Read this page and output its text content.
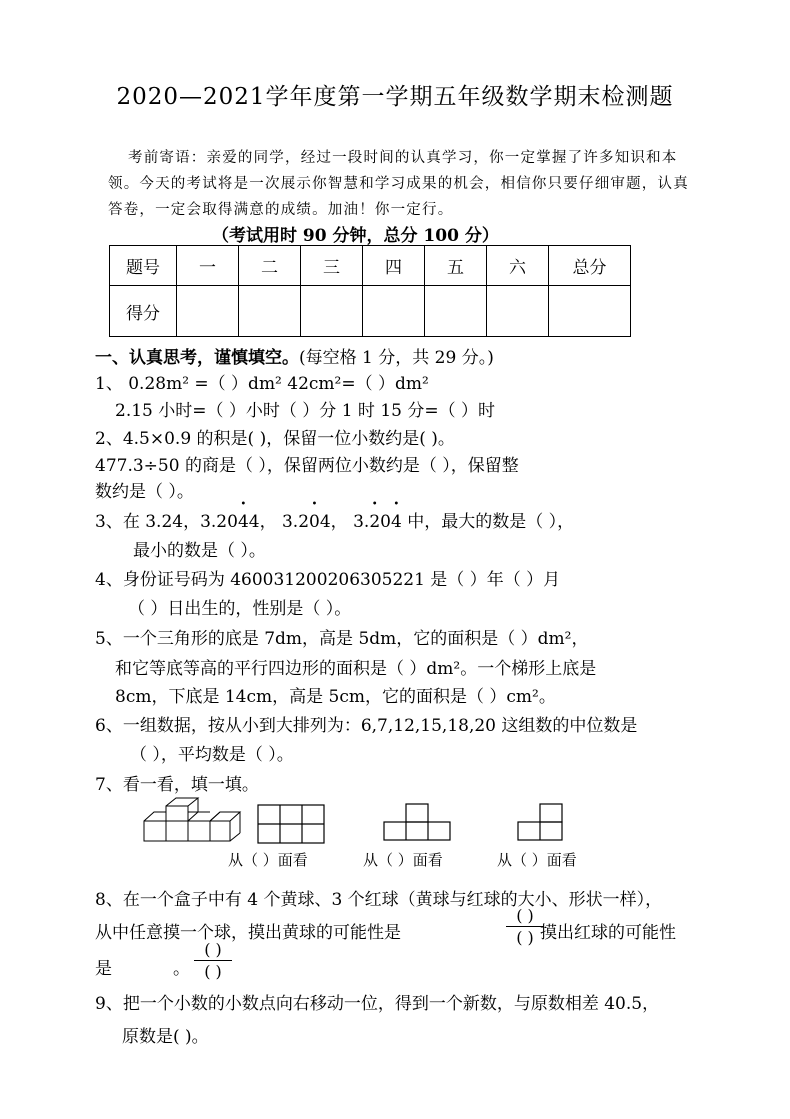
2020—2021学年度第一学期五年级数学期末检测题
考前寄语：亲爱的同学，经过一段时间的认真学习，你一定掌握了许多知识和本
领。今天的考试将是一次展示你智慧和学习成果的机会，相信你只要仔细审题，认真
答卷，一定会取得满意的成绩。加油！你一定行。
（考试用时 90 分钟，总分 100 分）
题号	一	二	三	四	五	六	总分
得分							
一、认真思考，谨慎填空。(每空格 1 分，共 29 分。)
1、 0.28m² =（ ）dm² 42cm²=（ ）dm²
2.15 小时=（ ）小时（ ）分 1 时 15 分=（ ）时
2、4.5×0.9 的积是( )，保留一位小数约是( )。
477.3÷50 的商是（ ），保留两位小数约是（ ），保留整
数约是（ ）。
3、在 3.24，3.20• 44， 3.2• 04， 3.• 20• 4 中，最大的数是（ ），
最小的数是（ ）。
4、身份证号码为 460031200206305221 是（ ）年（ ）月
（ ）日出生的，性别是（ ）。
5、一个三角形的底是 7dm，高是 5dm，它的面积是（ ）dm²，
和它等底等高的平行四边形的面积是（ ）dm²。一个梯形上底是
8cm，下底是 14cm，高是 5cm，它的面积是（ ）cm²。
6、一组数据，按从小到大排列为：6,7,12,15,18,20 这组数的中位数是
（ ），平均数是（ ）。
7、看一看，填一填。
从（ ）面看	从（ ）面看	从（ ）面看
8、在一个盒子中有 4 个黄球、3 个红球（黄球与红球的大小、形状一样），
从中任意摸一个球，摸出黄球的可能性是
( )
( ) 摸出红球的可能性
是
( )
( )
。
9、把一个小数的小数点向右移动一位，得到一个新数，与原数相差 40.5，
原数是( )。
